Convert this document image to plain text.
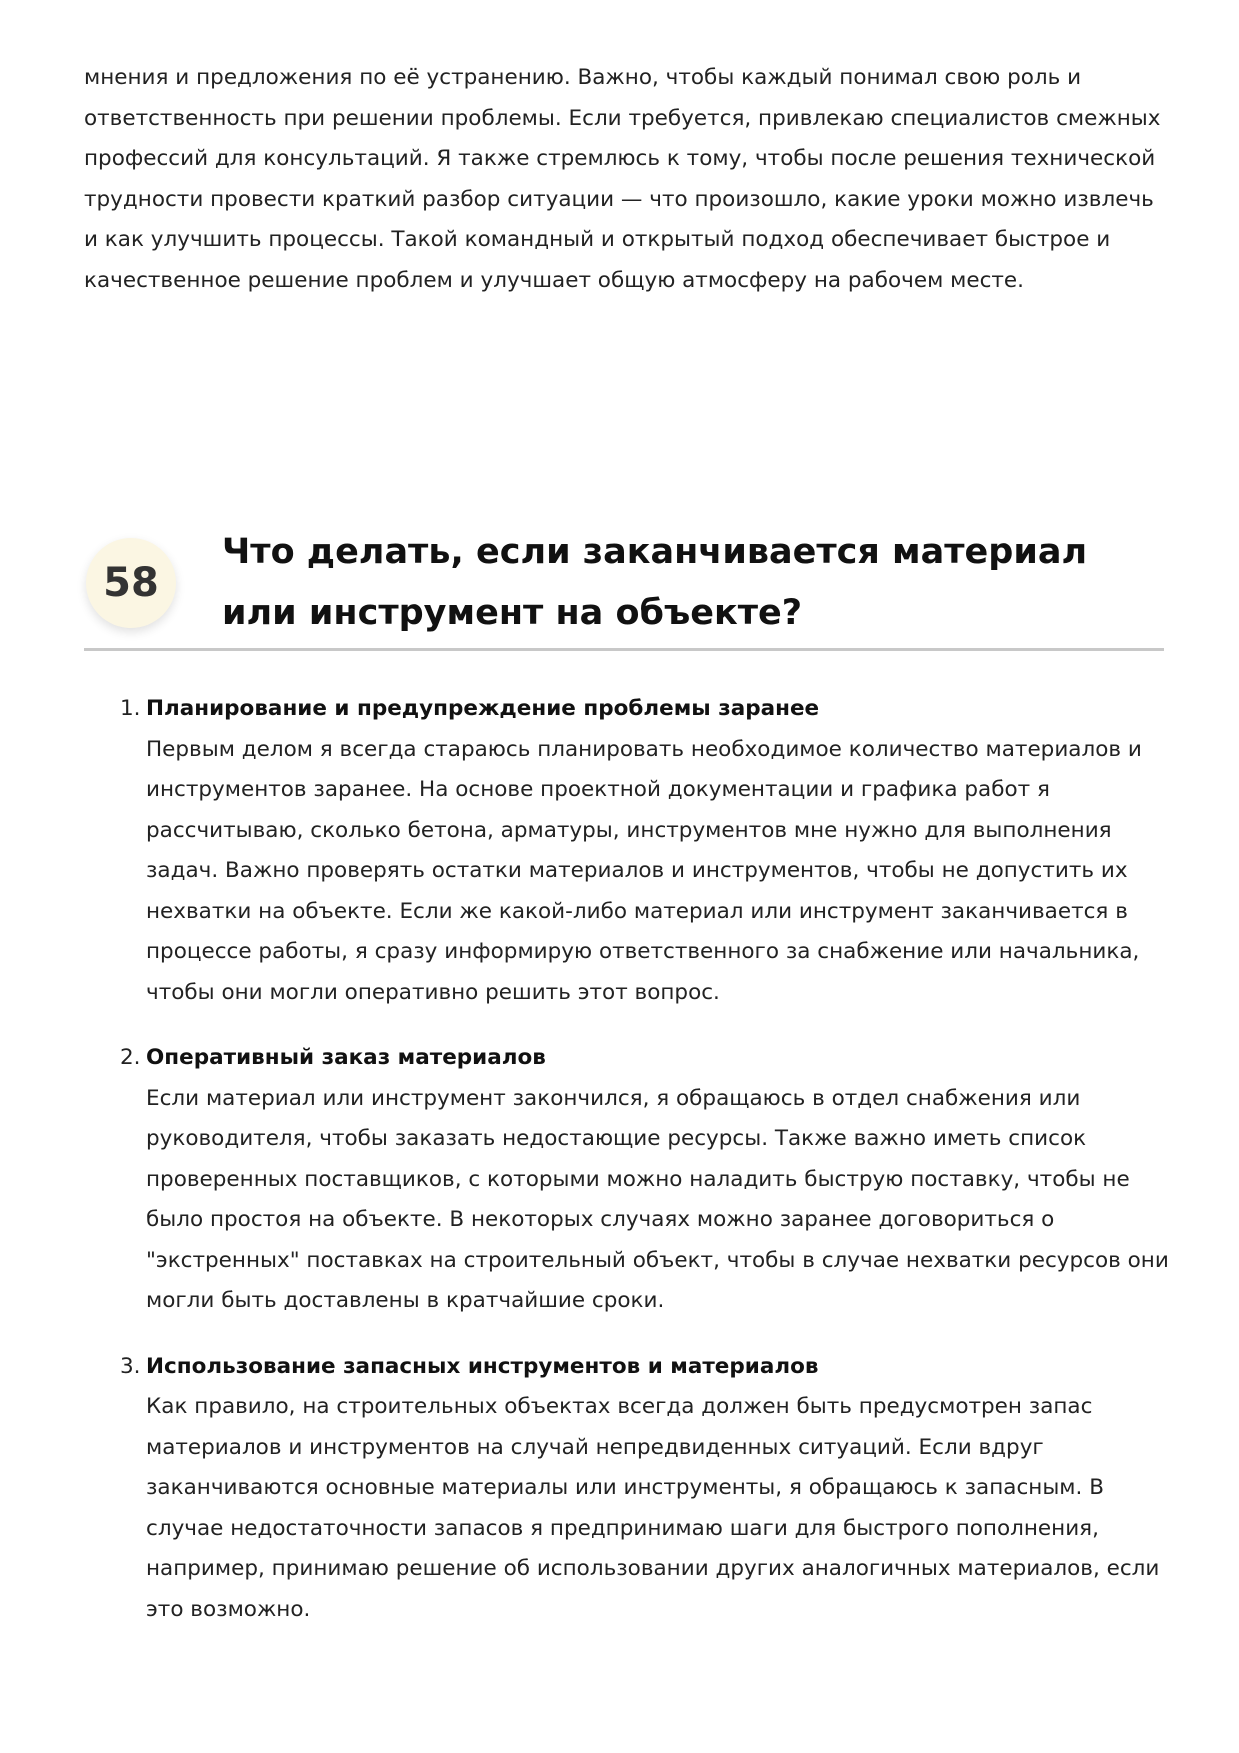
мнения и предложения по её устранению. Важно, чтобы каждый понимал свою роль и ответственность при решении проблемы. Если требуется, привлекаю специалистов смежных профессий для консультаций. Я также стремлюсь к тому, чтобы после решения технической трудности провести краткий разбор ситуации — что произошло, какие уроки можно извлечь и как улучшить процессы. Такой командный и открытый подход обеспечивает быстрое и качественное решение проблем и улучшает общую атмосферу на рабочем месте.

58
Что делать, если заканчивается материал или инструмент на объекте?
1. Планирование и предупреждение проблемы заранее
Первым делом я всегда стараюсь планировать необходимое количество материалов и инструментов заранее. На основе проектной документации и графика работ я рассчитываю, сколько бетона, арматуры, инструментов мне нужно для выполнения задач. Важно проверять остатки материалов и инструментов, чтобы не допустить их нехватки на объекте. Если же какой-либо материал или инструмент заканчивается в процессе работы, я сразу информирую ответственного за снабжение или начальника, чтобы они могли оперативно решить этот вопрос.
2. Оперативный заказ материалов
Если материал или инструмент закончился, я обращаюсь в отдел снабжения или руководителя, чтобы заказать недостающие ресурсы. Также важно иметь список проверенных поставщиков, с которыми можно наладить быструю поставку, чтобы не было простоя на объекте. В некоторых случаях можно заранее договориться о "экстренных" поставках на строительный объект, чтобы в случае нехватки ресурсов они могли быть доставлены в кратчайшие сроки.
3. Использование запасных инструментов и материалов
Как правило, на строительных объектах всегда должен быть предусмотрен запас материалов и инструментов на случай непредвиденных ситуаций. Если вдруг заканчиваются основные материалы или инструменты, я обращаюсь к запасным. В случае недостаточности запасов я предпринимаю шаги для быстрого пополнения, например, принимаю решение об использовании других аналогичных материалов, если это возможно.
